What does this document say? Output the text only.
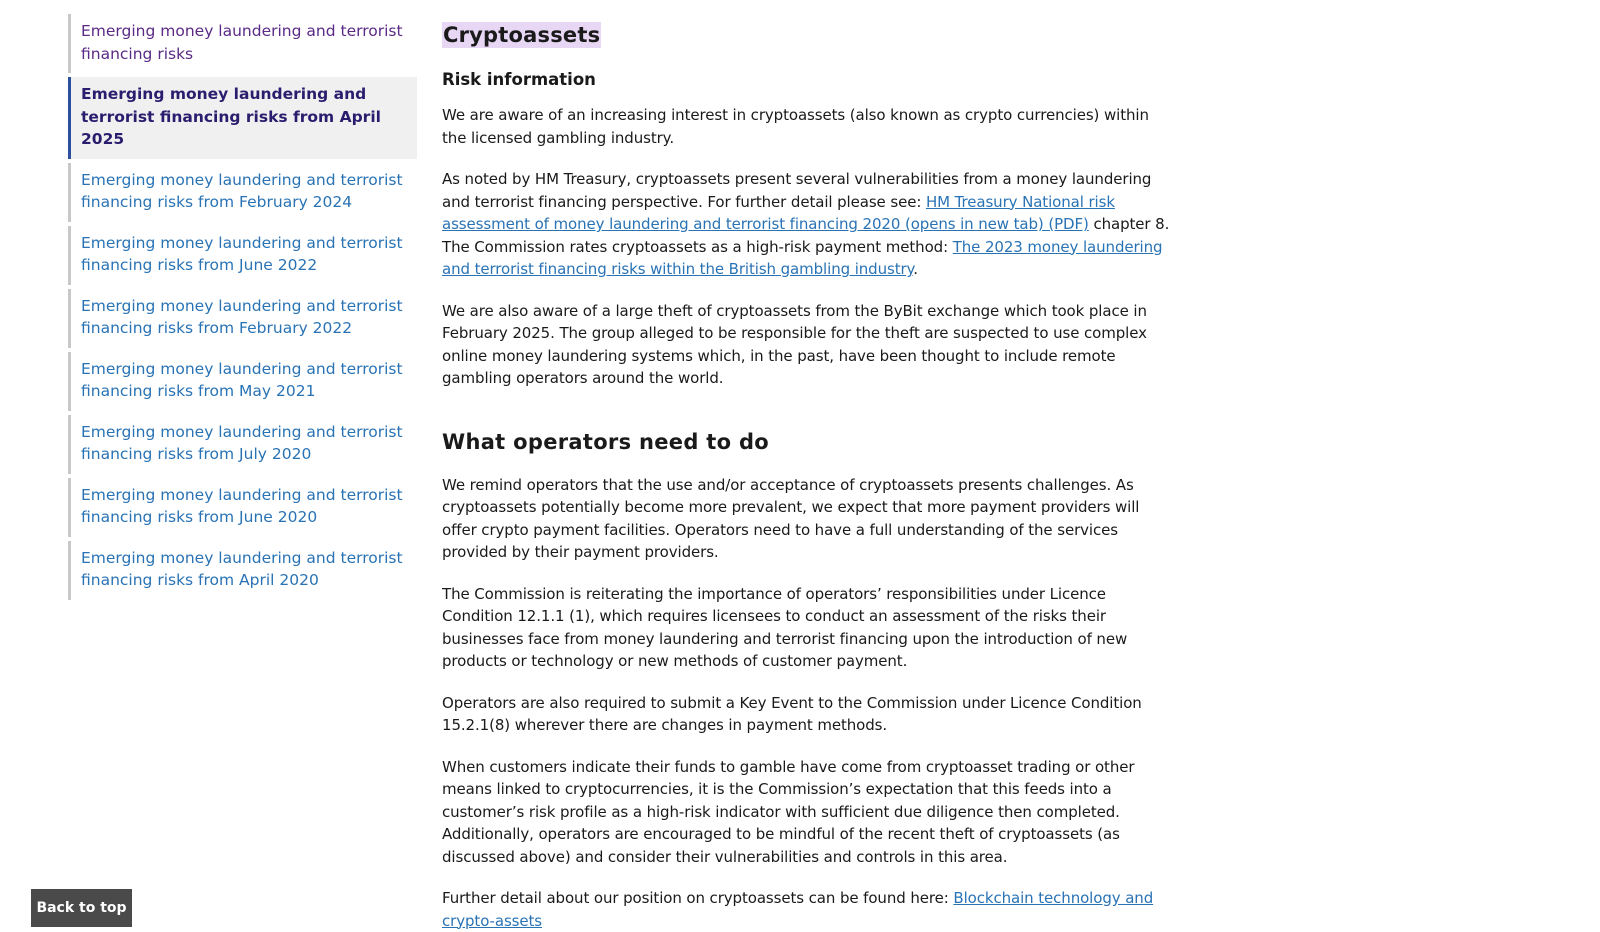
Emerging money laundering and terrorist financing risks
Emerging money laundering and terrorist financing risks from April 2025
Emerging money laundering and terrorist financing risks from February 2024
Emerging money laundering and terrorist financing risks from June 2022
Emerging money laundering and terrorist financing risks from February 2022
Emerging money laundering and terrorist financing risks from May 2021
Emerging money laundering and terrorist financing risks from July 2020
Emerging money laundering and terrorist financing risks from June 2020
Emerging money laundering and terrorist financing risks from April 2020
Cryptoassets
Risk information

We are aware of an increasing interest in cryptoassets (also known as crypto currencies) within the licensed gambling industry.

As noted by HM Treasury, cryptoassets present several vulnerabilities from a money laundering and terrorist financing perspective. For further detail please see: HM Treasury National risk assessment of money laundering and terrorist financing 2020 (opens in new tab) (PDF) chapter 8. The Commission rates cryptoassets as a high-risk payment method: The 2023 money laundering and terrorist financing risks within the British gambling industry.

We are also aware of a large theft of cryptoassets from the ByBit exchange which took place in February 2025. The group alleged to be responsible for the theft are suspected to use complex online money laundering systems which, in the past, have been thought to include remote gambling operators around the world.

What operators need to do

We remind operators that the use and/or acceptance of cryptoassets presents challenges. As cryptoassets potentially become more prevalent, we expect that more payment providers will offer crypto payment facilities. Operators need to have a full understanding of the services provided by their payment providers.

The Commission is reiterating the importance of operators’ responsibilities under Licence Condition 12.1.1 (1), which requires licensees to conduct an assessment of the risks their businesses face from money laundering and terrorist financing upon the introduction of new products or technology or new methods of customer payment.

Operators are also required to submit a Key Event to the Commission under Licence Condition 15.2.1(8) wherever there are changes in payment methods.

When customers indicate their funds to gamble have come from cryptoasset trading or other means linked to cryptocurrencies, it is the Commission’s expectation that this feeds into a customer’s risk profile as a high-risk indicator with sufficient due diligence then completed. Additionally, operators are encouraged to be mindful of the recent theft of cryptoassets (as discussed above) and consider their vulnerabilities and controls in this area.

Further detail about our position on cryptoassets can be found here: Blockchain technology and crypto-assets

Back to top
